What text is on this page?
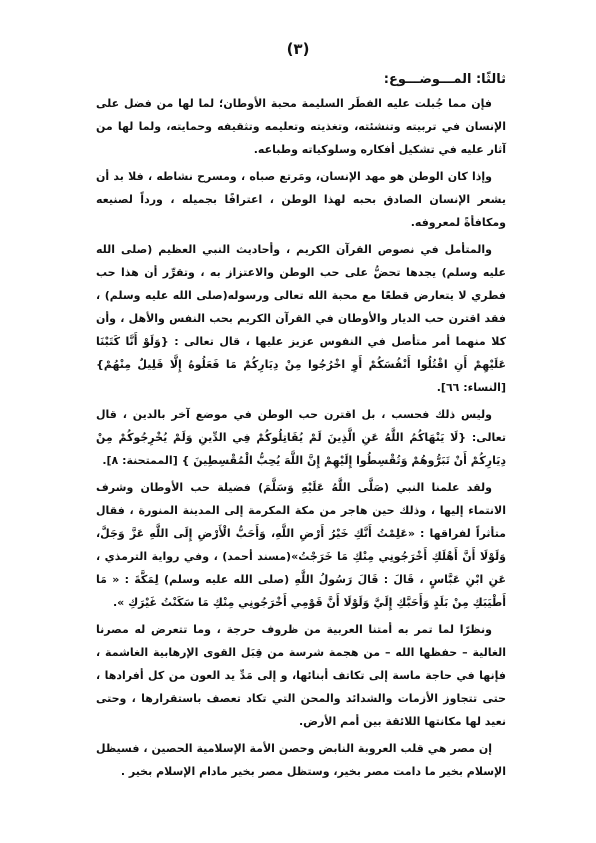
(٣)
ثالثًا: المـــوضـــوع:

فإن مما جُبلت عليه الفطَر السليمة محبة الأوطان؛ لما لها من فضل على الإنسان في تربيته وتنشئته، وتغذيته وتعليمه وتثقيفه وحمايته، ولما لها من آثار عليه في تشكيل أفكاره وسلوكياته وطباعه.

وإذا كان الوطن هو مهد الإنسان، ومَرتع صباه ، ومسرح نشاطه ، فلا بد أن يشعر الإنسان الصادق بحبه لهذا الوطن ، اعترافًا بجميله ، ورداً لصنيعه ومكافأةً لمعروفه.

والمتأمل في نصوص القرآن الكريم ، وأحاديث النبي العظيم (صلى الله عليه وسلم) يجدها تحضُّ على حب الوطن والاعتزاز به ، وتقرِّر أن هذا حب فطري لا يتعارض قطعًا مع محبة الله تعالى ورسوله(صلى الله عليه وسلم) ، فقد اقترن حب الديار والأوطان في القرآن الكريم بحب النفس والأهل ، وأن كلا منهما أمر متأصل في النفوس عزيز عليها ، قال تعالى : {وَلَوْ أَنَّا كَتَبْنَا عَلَيْهِمْ أَنِ اقْتُلُوا أَنْفُسَكُمْ أَوِ اخْرُجُوا مِنْ دِيَارِكُمْ مَا فَعَلُوهُ إِلَّا قَلِيلٌ مِنْهُمْ} [النساء: ٦٦].

وليس ذلك فحسب ، بل اقترن حب الوطن في موضع آخر بالدين ، قال تعالى: {لَا يَنْهَاكُمُ اللَّهُ عَنِ الَّذِينَ لَمْ يُقَاتِلُوكُمْ فِي الدِّينِ وَلَمْ يُخْرِجُوكُمْ مِنْ دِيَارِكُمْ أَنْ تَبَرُّوهُمْ وَتُقْسِطُوا إِلَيْهِمْ إِنَّ اللَّهَ يُحِبُّ الْمُقْسِطِينَ } [الممتحنة: ٨].

ولقد علمنا النبي (صَلَّى اللَّهُ عَلَيْهِ وَسَلَّمَ) فضيلة حب الأوطان وشرف الانتماء إليها ، وذلك حين هاجر من مكة المكرمة إلى المدينة المنورة ، فقال متأثراً لفراقها : «عَلِمْتُ أَنَّكِ خَيْرُ أَرْضِ اللَّهِ، وَأَحَبُّ الْأَرْضِ إِلَى اللَّهِ عَزَّ وَجَلَّ، وَلَوْلَا أَنَّ أَهْلَكِ أَخْرَجُونِي مِنْكِ مَا خَرَجْتُ»(مسند أحمد) ، وفي رواية الترمذي ، عَنِ ابْنِ عَبَّاسٍ ، قَالَ : قَالَ رَسُولُ اللَّهِ (صلى الله عليه وسلم) لِمَكَّةَ : « مَا أَطْيَبَكِ مِنْ بَلَدٍ وَأَحَبَّكِ إِلَيَّ وَلَوْلَا أَنَّ قَوْمِي أَخْرَجُونِي مِنْكِ مَا سَكَنْتُ غَيْرَكِ ».

ونظرًا لما تمر به أمتنا العربية من ظروف حرجة ، وما تتعرض له مصرنا الغالية – حفظها الله – من هجمة شرسة من قِبَل القوى الإرهابية الغاشمة ، فإنها في حاجة ماسة إلى تكاتف أبنائها، و إلى مَدِّ يد العون من كل أفرادها ، حتى تتجاوز الأزمات والشدائد والمحن التي تكاد تعصف باستقرارها ، وحتى نعيد لها مكانتها اللائقة بين أمم الأرض.

إن مصر هي قلب العروبة النابض وحصن الأمة الإسلامية الحصين ، فسيظل الإسلام بخير ما دامت مصر بخير، وستظل مصر بخير مادام الإسلام بخير .
